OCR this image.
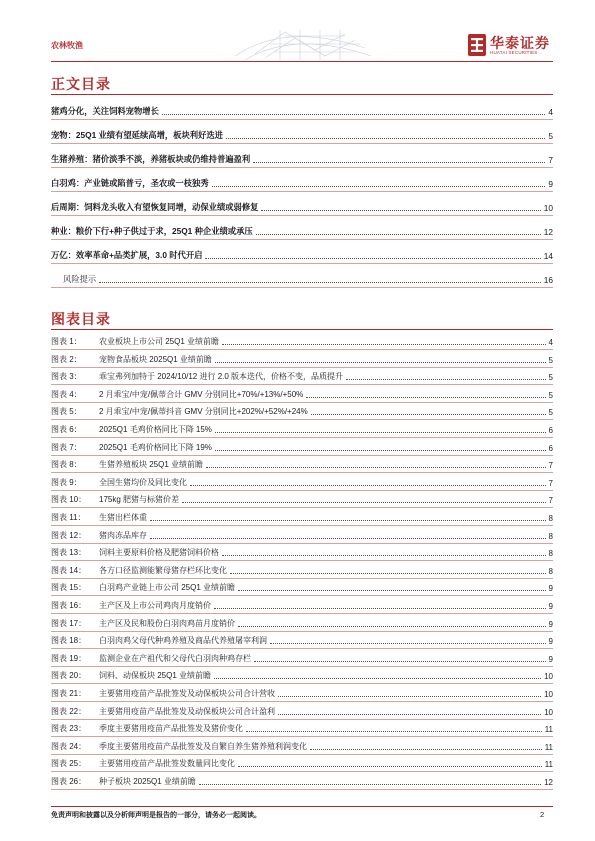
农林牧渔	华泰证券
HUATAI SECURITIES
正文目录
猪鸡分化，关注饲料宠物增长	4
宠物：25Q1 业绩有望延续高增，板块利好迭进	5
生猪养殖：猪价淡季不淡，养猪板块或仍维持普遍盈利	7
白羽鸡：产业链或陷普亏，圣农或一枝独秀	9
后周期：饲料龙头收入有望恢复同增，动保业绩或弱修复	10
种业：粮价下行+种子供过于求，25Q1 种企业绩或承压	12
万亿：效率革命+品类扩展，3.0 时代开启	14
风险提示	16
图表目录
图表 1：	农业板块上市公司 25Q1 业绩前瞻	4
图表 2：	宠物食品板块 2025Q1 业绩前瞻	5
图表 3：	乖宝弗列加特于 2024/10/12 进行 2.0 版本迭代，价格不变，品质提升	5
图表 4：	2 月乖宝/中宠/佩蒂合计 GMV 分别同比+70%/+13%/+50%	5
图表 5：	2 月乖宝/中宠/佩蒂抖音 GMV 分别同比+202%/+52%/+24%	5
图表 6：	2025Q1 毛鸡价格同比下降 15%	6
图表 7：	2025Q1 毛鸡价格同比下降 19%	6
图表 8：	生猪养殖板块 25Q1 业绩前瞻	7
图表 9：	全国生猪均价及同比变化	7
图表 10：	175kg 肥猪与标猪价差	7
图表 11：	生猪出栏体重	8
图表 12：	猪肉冻品库存	8
图表 13：	饲料主要原料价格及肥猪饲料价格	8
图表 14：	各方口径监测能繁母猪存栏环比变化	8
图表 15：	白羽鸡产业链上市公司 25Q1 业绩前瞻	9
图表 16：	主产区及上市公司鸡肉月度销价	9
图表 17：	主产区及民和股份白羽肉鸡苗月度销价	9
图表 18：	白羽肉鸡父母代种鸡养殖及商品代养殖屠宰利润	9
图表 19：	监测企业在产祖代和父母代白羽肉种鸡存栏	9
图表 20：	饲料、动保板块 25Q1 业绩前瞻	10
图表 21：	主要猪用疫苗产品批签发及动保板块公司合计营收	10
图表 22：	主要猪用疫苗产品批签发及动保板块公司合计盈利	10
图表 23：	季度主要猪用疫苗产品批签发及猪价变化	11
图表 24：	季度主要猪用疫苗产品批签发及自繁自养生猪养殖利润变化	11
图表 25：	主要猪用疫苗产品批签发数量同比变化	11
图表 26：	种子板块 2025Q1 业绩前瞻	12
免责声明和披露以及分析师声明是报告的一部分，请务必一起阅读。	2
